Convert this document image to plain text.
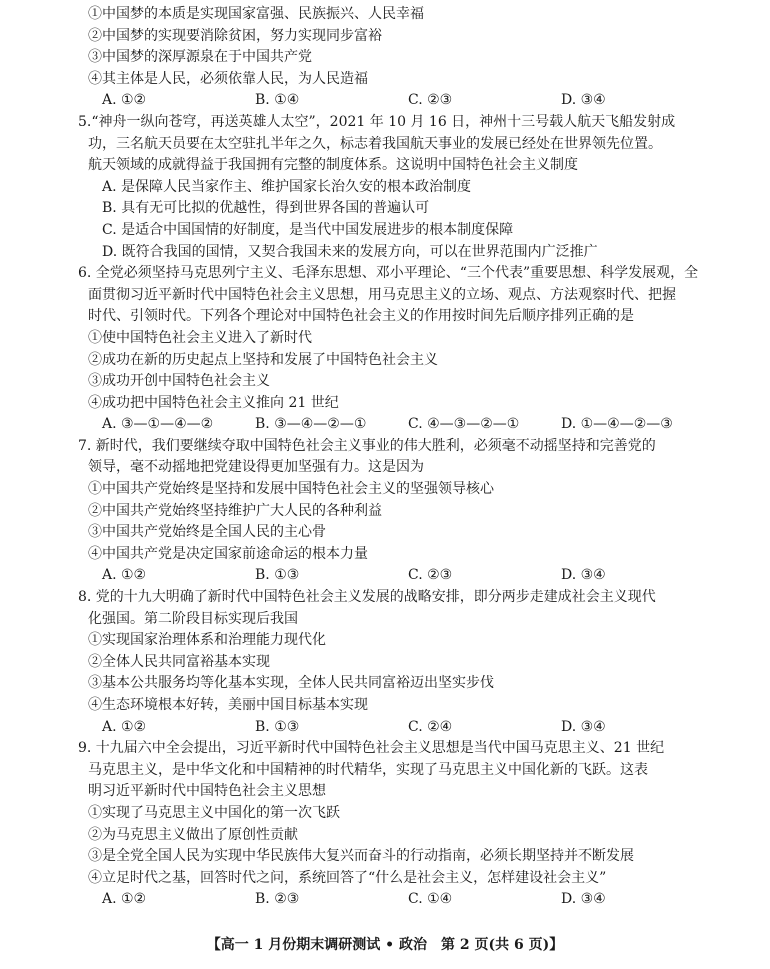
①中国梦的本质是实现国家富强、民族振兴、人民幸福
②中国梦的实现要消除贫困，努力实现同步富裕
③中国梦的深厚源泉在于中国共产党
④其主体是人民，必须依靠人民，为人民造福
A. ①②	B. ①④	C. ②③	D. ③④
5.“神舟一纵向苍穹，再送英雄人太空”，2021 年 10 月 16 日，神州十三号载人航天飞船发射成
功，三名航天员要在太空驻扎半年之久，标志着我国航天事业的发展已经处在世界领先位置。
航天领域的成就得益于我国拥有完整的制度体系。这说明中国特色社会主义制度
A. 是保障人民当家作主、维护国家长治久安的根本政治制度
B. 具有无可比拟的优越性，得到世界各国的普遍认可
C. 是适合中国国情的好制度，是当代中国发展进步的根本制度保障
D. 既符合我国的国情，又契合我国未来的发展方向，可以在世界范围内广泛推广
6. 全党必须坚持马克思列宁主义、毛泽东思想、邓小平理论、“三个代表”重要思想、科学发展观，全
面贯彻习近平新时代中国特色社会主义思想，用马克思主义的立场、观点、方法观察时代、把握
时代、引领时代。下列各个理论对中国特色社会主义的作用按时间先后顺序排列正确的是
①使中国特色社会主义进入了新时代
②成功在新的历史起点上坚持和发展了中国特色社会主义
③成功开创中国特色社会主义
④成功把中国特色社会主义推向 21 世纪
A. ③—①—④—②	B. ③—④—②—①	C. ④—③—②—①	D. ①—④—②—③
7. 新时代，我们要继续夺取中国特色社会主义事业的伟大胜利，必须毫不动摇坚持和完善党的
领导，毫不动摇地把党建设得更加坚强有力。这是因为
①中国共产党始终是坚持和发展中国特色社会主义的坚强领导核心
②中国共产党始终坚持维护广大人民的各种利益
③中国共产党始终是全国人民的主心骨
④中国共产党是决定国家前途命运的根本力量
A. ①②	B. ①③	C. ②③	D. ③④
8. 党的十九大明确了新时代中国特色社会主义发展的战略安排，即分两步走建成社会主义现代
化强国。第二阶段目标实现后我国
①实现国家治理体系和治理能力现代化
②全体人民共同富裕基本实现
③基本公共服务均等化基本实现，全体人民共同富裕迈出坚实步伐
④生态环境根本好转，美丽中国目标基本实现
A. ①②	B. ①③	C. ②④	D. ③④
9. 十九届六中全会提出，习近平新时代中国特色社会主义思想是当代中国马克思主义、21 世纪
马克思主义，是中华文化和中国精神的时代精华，实现了马克思主义中国化新的飞跃。这表
明习近平新时代中国特色社会主义思想
①实现了马克思主义中国化的第一次飞跃
②为马克思主义做出了原创性贡献
③是全党全国人民为实现中华民族伟大复兴而奋斗的行动指南，必须长期坚持并不断发展
④立足时代之基，回答时代之问，系统回答了“什么是社会主义，怎样建设社会主义”
A. ①②	B. ②③	C. ①④	D. ③④
【高一 1 月份期末调研测试 • 政治　第 2 页(共 6 页)】
